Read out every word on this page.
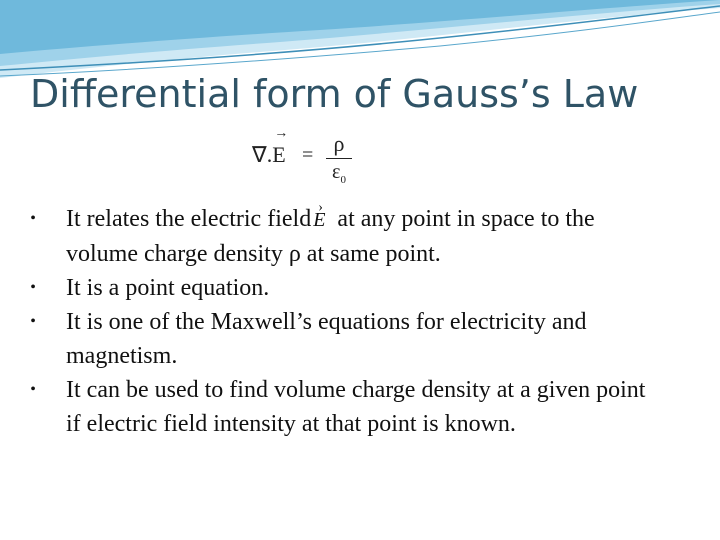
Differential form of Gauss’s Law
∇.→ E = ρ
$\varepsilon_0$
• It relates the electric field› E at any point in space to the volume charge density ρ at same point.
• It is a point equation.
• It is one of the Maxwell’s equations for electricity and magnetism.
• It can be used to find volume charge density at a given point if electric field intensity at that point is known.
